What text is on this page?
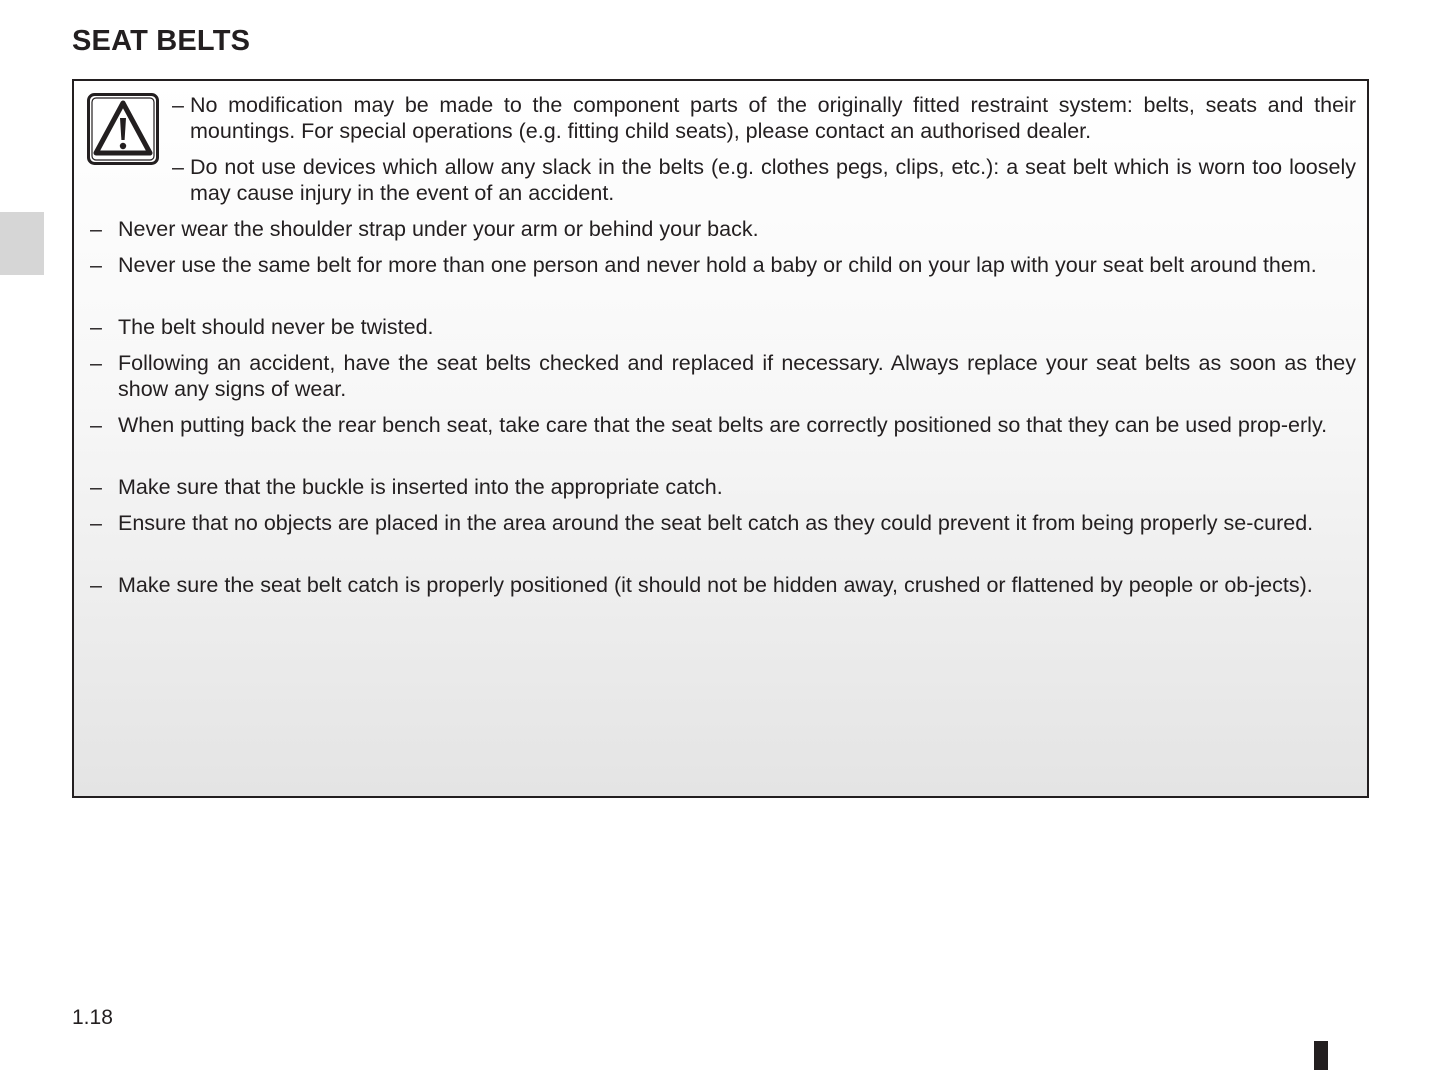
SEAT BELTS
– No modification may be made to the component parts of the originally fitted restraint system: belts, seats and their mountings. For special operations (e.g. fitting child seats), please contact an authorised dealer.
– Do not use devices which allow any slack in the belts (e.g. clothes pegs, clips, etc.): a seat belt which is worn too loosely may cause injury in the event of an accident.
– Never wear the shoulder strap under your arm or behind your back.
– Never use the same belt for more than one person and never hold a baby or child on your lap with your seat belt around them.
– The belt should never be twisted.
– Following an accident, have the seat belts checked and replaced if necessary. Always replace your seat belts as soon as they show any signs of wear.
– When putting back the rear bench seat, take care that the seat belts are correctly positioned so that they can be used prop-erly.
– Make sure that the buckle is inserted into the appropriate catch.
– Ensure that no objects are placed in the area around the seat belt catch as they could prevent it from being properly se-cured.
– Make sure the seat belt catch is properly positioned (it should not be hidden away, crushed or flattened by people or ob-jects).
1.18
